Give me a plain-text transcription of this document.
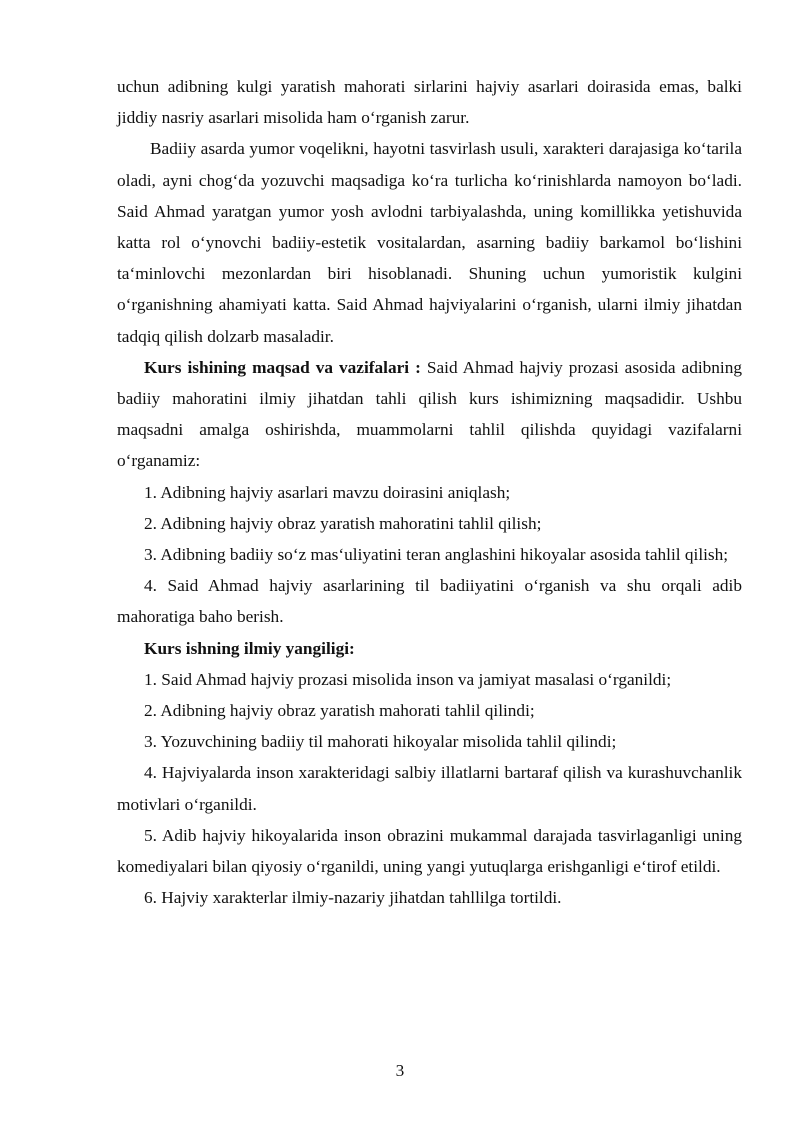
uchun adibning kulgi yaratish mahorati sirlarini hajviy asarlari doirasida emas, balki jiddiy nasriy asarlari misolida ham o‘rganish zarur.

Badiiy asarda yumor voqelikni, hayotni tasvirlash usuli, xarakteri darajasiga ko‘tarila oladi, ayni chog‘da yozuvchi maqsadiga ko‘ra turlicha ko‘rinishlarda namoyon bo‘ladi. Said Ahmad yaratgan yumor yosh avlodni tarbiyalashda, uning komillikka yetishuvida katta rol o‘ynovchi badiiy-estetik vositalardan, asarning badiiy barkamol bo‘lishini ta‘minlovchi mezonlardan biri hisoblanadi. Shuning uchun yumoristik kulgini o‘rganishning ahamiyati katta. Said Ahmad hajviyalarini o‘rganish, ularni ilmiy jihatdan tadqiq qilish dolzarb masaladir.

Kurs ishining maqsad va vazifalari : Said Ahmad hajviy prozasi asosida adibning badiiy mahoratini ilmiy jihatdan tahli qilish kurs ishimizning maqsadidir. Ushbu maqsadni amalga oshirishda, muammolarni tahlil qilishda quyidagi vazifalarni o‘rganamiz:

1. Adibning hajviy asarlari mavzu doirasini aniqlash;

2. Adibning hajviy obraz yaratish mahoratini tahlil qilish;

3. Adibning badiiy so‘z mas‘uliyatini teran anglashini hikoyalar asosida tahlil qilish;

4. Said Ahmad hajviy asarlarining til badiiyatini o‘rganish va shu orqali adib mahoratiga baho berish.

Kurs ishning ilmiy yangiligi:

1. Said Ahmad hajviy prozasi misolida inson va jamiyat masalasi o‘rganildi;

2. Adibning hajviy obraz yaratish mahorati tahlil qilindi;

3. Yozuvchining badiiy til mahorati hikoyalar misolida tahlil qilindi;

4. Hajviyalarda inson xarakteridagi salbiy illatlarni bartaraf qilish va kurashuvchanlik motivlari o‘rganildi.

5. Adib hajviy hikoyalarida inson obrazini mukammal darajada tasvirlaganligi uning komediyalari bilan qiyosiy o‘rganildi, uning yangi yutuqlarga erishganligi e‘tirof etildi.

6. Hajviy xarakterlar ilmiy-nazariy jihatdan tahllilga tortildi.

3
